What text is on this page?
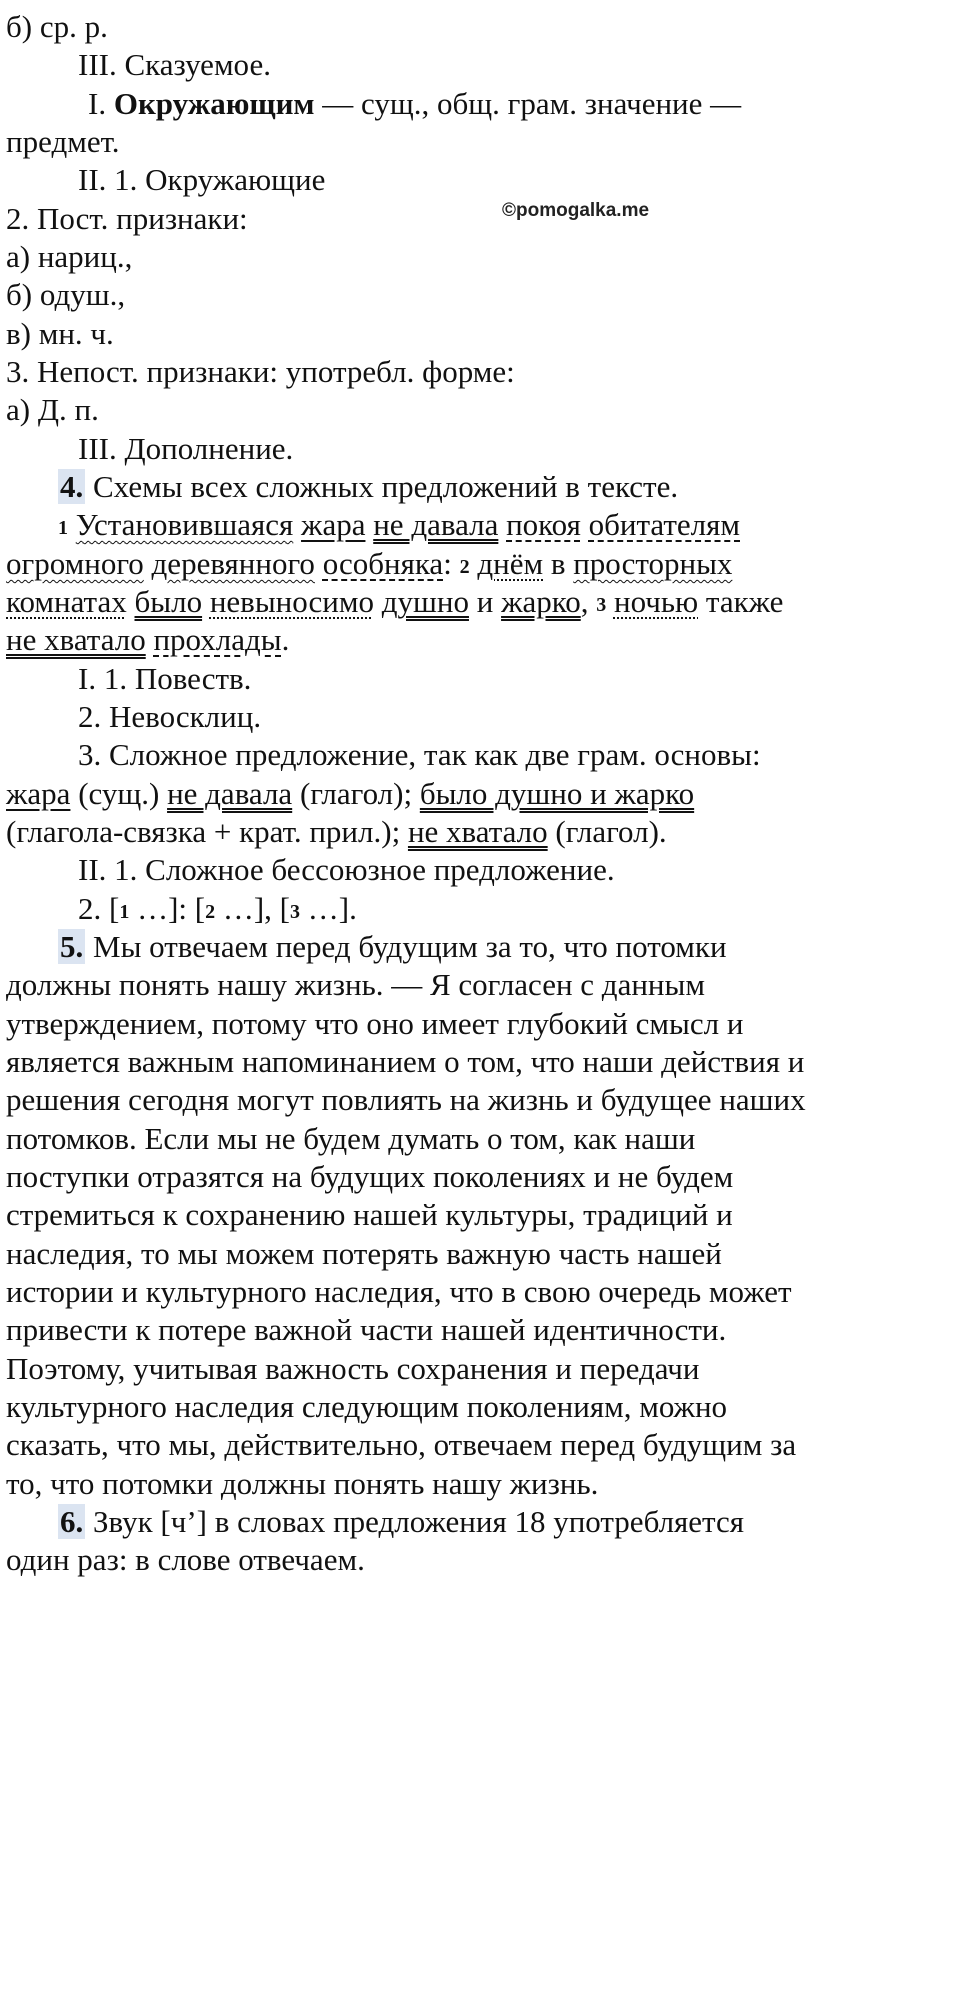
©pomogalka.me
б) ср. р.
III. Сказуемое.
I. Окружающим — сущ., общ. грам. значение —
предмет.
II. 1. Окружающие
2. Пост. признаки:
а) нариц.,
б) одуш.,
в) мн. ч.
3. Непост. признаки: употребл. форме:
а) Д. п.
III. Дополнение.
4. Схемы всех сложных предложений в тексте.
1 Установившаяся жара не давала покоя обитателям
огромного деревянного особняка: 2 днём в просторных
комнатах было невыносимо душно и жарко, 3 ночью также
не хватало прохлады.
I. 1. Повеств.
2. Невосклиц.
3. Сложное предложение, так как две грам. основы:
жара (сущ.) не давала (глагол); было душно и жарко
(глагола-связка + крат. прил.); не хватало (глагол).
II. 1. Сложное бессоюзное предложение.
2. [1 …]: [2 …], [3 …].
5. Мы отвечаем перед будущим за то, что потомки
должны понять нашу жизнь. — Я согласен с данным
утверждением, потому что оно имеет глубокий смысл и
является важным напоминанием о том, что наши действия и
решения сегодня могут повлиять на жизнь и будущее наших
потомков. Если мы не будем думать о том, как наши
поступки отразятся на будущих поколениях и не будем
стремиться к сохранению нашей культуры, традиций и
наследия, то мы можем потерять важную часть нашей
истории и культурного наследия, что в свою очередь может
привести к потере важной части нашей идентичности.
Поэтому, учитывая важность сохранения и передачи
культурного наследия следующим поколениям, можно
сказать, что мы, действительно, отвечаем перед будущим за
то, что потомки должны понять нашу жизнь.
6. Звук [ч’] в словах предложения 18 употребляется
один раз: в слове отвечаем.
